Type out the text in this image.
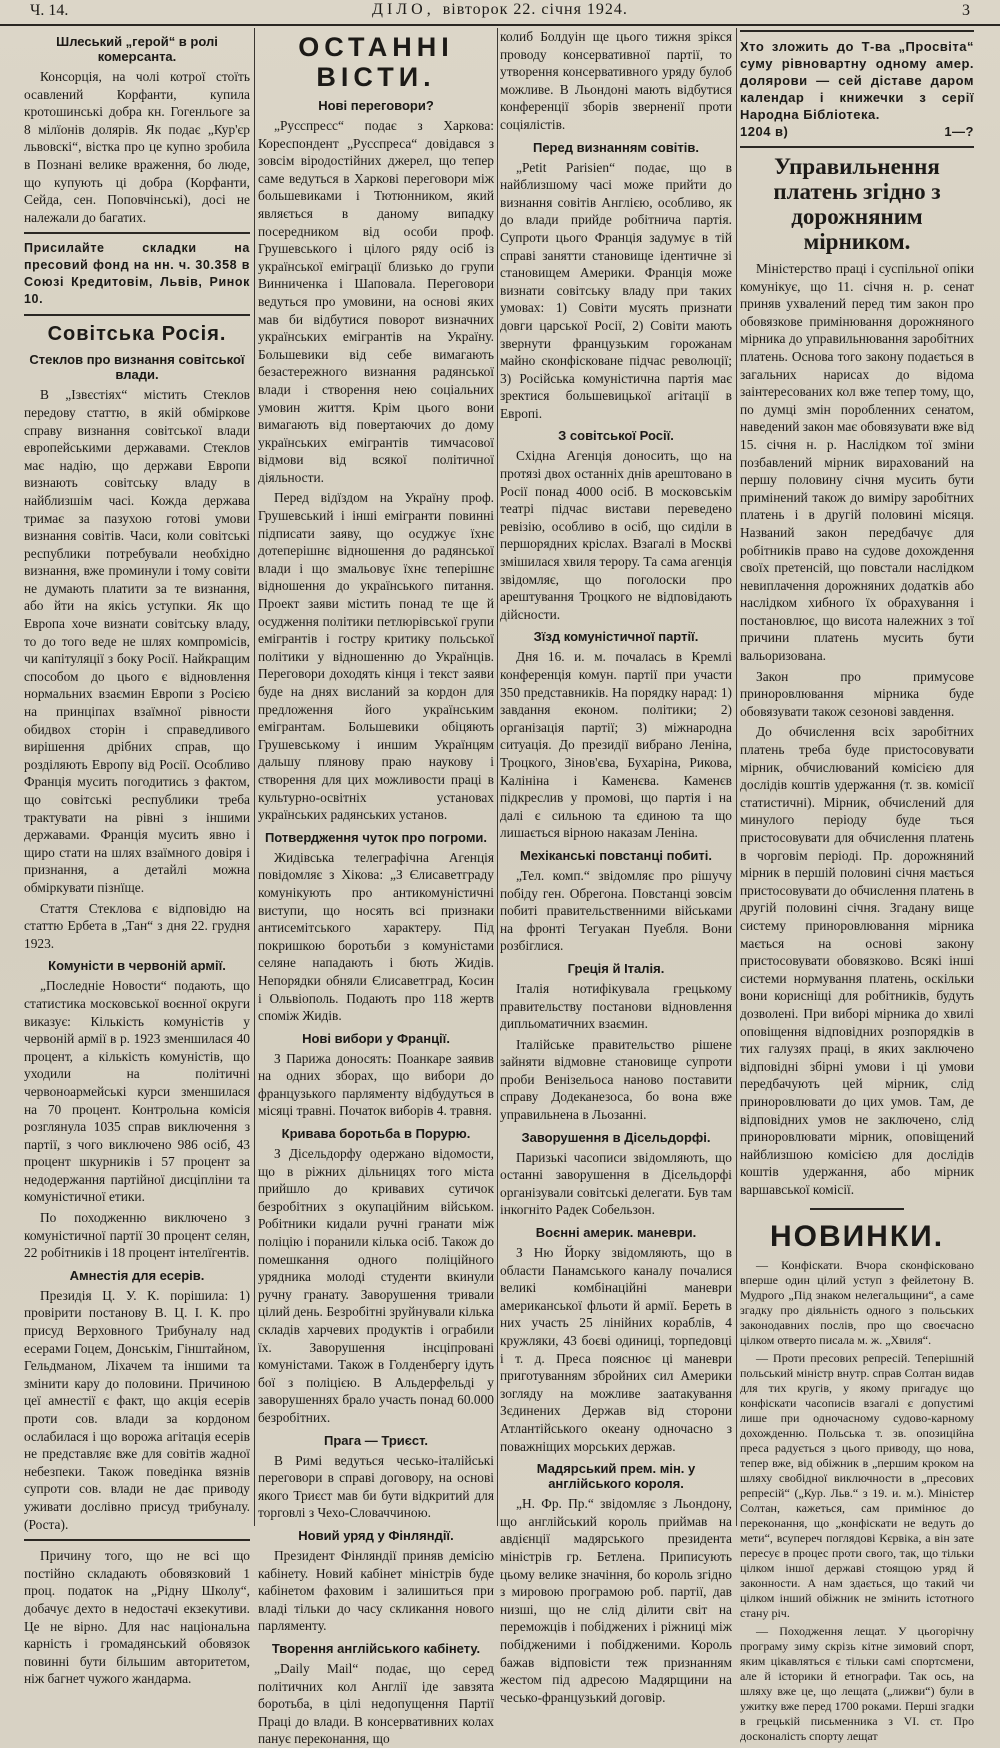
Ч. 14.	ДІЛО, вівторок 22. січня 1924.	3
Шлеський „герой“ в ролі комерсанта.

Консорція, на чолі котрої стоїть осавлений Корфанти, купила кротошинські добра кн. Гогенльоге за 8 мілїонів долярів. Як подає „Кур'єр львовскі“, вістка про це купно зробила в Познані велике враження, бо люде, що купують ці добра (Корфанти, Сейда, сен. Поповчінські), досі не належали до багатих.

Присилайте складки на пресовий фонд на нн. ч. 30.358 в Союзі Кредитовім, Львів, Ринок 10.
Совітська Росія.
Стеклов про визнання совітської влади.

В „Ізвєстіях“ містить Стеклов передову статтю, в якій обміркове справу визнання совітської влади европейськими державами. Стеклов має надію, що держави Европи визнають совітську владу в найблизшім часі. Кожда держава тримає за пазухою готові умови визнання совітів. Часи, коли совітські республики потребували необхідно визнання, вже проминули і тому совіти не думають платити за те визнання, або йти на якісь уступки. Як що Европа хоче визнати совітську владу, то до того веде не шлях компромісів, чи капітуляції з боку Росії. Найкращим способом до цього є відновлення нормальних взаємин Европи з Росією на принціпах взаїмної рівности обидвох сторін і справедливого вирішення дрібних справ, що розділяють Европу від Росії. Особливо Франція мусить погодитись з фактом, що совітські республики треба трактувати на рівні з іншими державами. Франція мусить явно і щиро стати на шлях взаїмного довіря і признання, а детайлі можна обміркувати пізнїще.

Стаття Стеклова є відповідю на статтю Ербета в „Тан“ з дня 22. грудня 1923.

Комуністи в червоній армії.

„Последніе Новости“ подають, що статистика московської воєнної округи виказує: Кількість комуністів у червоній армії в р. 1923 зменшилася 40 процент, а кількість комуністів, що уходили на політичні червоноармейські курси зменшилася на 70 процент. Контрольна комісія розглянула 1035 справ виключення з партії, з чого виключено 986 осіб, 43 процент шкурників і 57 процент за недодержання партійної дисціпліни та комуністичної етики.

По походженню виключено з комуністичної партії 30 процент селян, 22 робітників і 18 процент інтелїгентів.

Амнестія для есерів.

Президія Ц. У. К. порішила: 1) провірити постанову В. Ц. І. К. про присуд Верховного Трибуналу над есерами Гоцем, Донськім, Гінштайном, Гельдманом, Ліхачем та іншими та змінити кару до половини. Причиною цеї амнестії є факт, що акція есерів проти сов. влади за кордоном ослабилася і що ворожа агітація есерів не представляє вже для совітів жадної небезпеки. Також поведінка вязнів супроти сов. влади не дає приводу уживати дослівно присуд трибуналу. (Роста).

Причину того, що не всі що постійно складають обовязковий 1 проц. податок на „Рідну Школу“, добачує дехто в недостачі екзекутиви. Це не вірно. Для нас національна карність і громадянський обовязок повинні бути більшим авторитетом, ніж багнет чужого жандарма.

ОСТАННІ ВІСТИ.
Нові переговори?

„Русспресс“ подає з Харкова: Кореспондент „Русспреса“ довідався з зовсім віродостійних джерел, що тепер саме ведуться в Харкові переговори між большевиками і Тютюнником, який являється в даному випадку посередником від особи проф. Грушевського і цілого ряду осіб із української еміграції близько до групи Винниченка і Шаповала. Переговори ведуться про умовини, на основі яких мав би відбутися поворот визначних українських емігрантів на Україну. Большевики від себе вимагають безастережного визнання радянської влади і створення нею соціальних умовин життя. Крім цього вони вимагають від повертаючих до дому українських емігрантів тимчасової відмови від всякої політичної діяльности.

Перед відїздом на Україну проф. Грушевський і інші емігранти повинні підписати заяву, що осуджує їхнє дотеперішнє відношення до радянської влади і що змальовує їхнє теперішнє відношення до українського питання. Проект заяви містить понад те ще й осудження політики петлюрівської групи емігрантів і гостру критику польської політики у відношенню до Українців. Переговори доходять кінця і текст заяви буде на днях висланий за кордон для предложення його українським емігрантам. Большевики обіцяють Грушевському і иншим Українцям дальшу плянову праю наукову і створення для цих можливости праці в культурно-освітніх установах українських радянських установ.

Потвердження чуток про погроми.

Жидівська телеграфічна Агенція повідомляє з Хікова: „З Єлисаветграду комунікують про антикомуністичні виступи, що носять всі признаки антисемітського характеру. Під покришкою боротьби з комуністами селяне нападають і бють Жидів. Непорядки обняли Єлисаветград, Косин і Ольвіополь. Подають про 118 жертв споміж Жидів.

Нові вибори у Франції.

З Парижа доносять: Поанкаре заявив на одних зборах, що вибори до французького парляменту відбудуться в місяці травні. Початок виборів 4. травня.

Кривава боротьба в Порурю.

З Дісельдорфу одержано відомости, що в ріжних дільницях того міста прийшло до кривавих сутичок безробітних з окупаційним військом. Робітники кидали ручні гранати між поліцію і поранили кілька осіб. Також до помешкання одного поліційного урядника молоді студенти вкинули ручну гранату. Заворушення тривали цілий день. Безробітні зруйнували кілька складів харчевих продуктів і ограбили їх. Заворушення інсціпровані комуністами. Також в Голденбергу ідуть бої з поліцією. В Альдерфельді у заворушеннях брало участь понад 60.000 безробітних.

Прага — Триєст.

В Римі ведуться чесько-італійські переговори в справі договору, на основі якого Триєст мав би бути відкритий для торговлі з Чехо-Словаччиною.

Новий уряд у Фінляндії.

Президент Фінляндії приняв демісію кабінету. Новий кабінет міністрів буде кабінетом фаховим і залишиться при владі тільки до часу скликання нового парляменту.

Творення англійського кабінету.

„Daily Mail“ подає, що серед політичних кол Англії іде завзята боротьба, в цілі недопущення Партії Праці до влади. В консервативних колах панує переконання, що

колиб Болдуін ще цього тижня зрікся проводу консервативної партії, то утворення консервативного уряду булоб можливе. В Льондоні мають відбутися конференції зборів зверненії проти соціялістів.

Перед визнанням совітів.

„Petit Parisien“ подає, що в найблизшому часі може прийти до визнання совітів Англією, особливо, як до влади прийде робітнича партія. Супроти цього Франція задумує в тій справі занятти становище ідентичне зі становищем Америки. Франція може визнати совітську владу при таких умовах: 1) Совіти мусять признати довги царської Росії, 2) Совіти мають звернути французьким горожанам майно сконфісковане підчас революції; 3) Російська комуністична партія має зректися большевицької агітації в Европі.

З совітської Росії.

Східна Агенція доносить, що на протязі двох останніх днів арештовано в Росії понад 4000 осіб. В московськім театрі підчас вистави переведено ревізію, особливо в осіб, що сиділи в першорядних кріслах. Взагалі в Москві змішилася хвиля терору. Та сама агенція звідомляє, що поголоски про арештування Троцкого не відповідають дійсности.

Зїзд комуністичної партії.

Дня 16. и. м. почалась в Кремлі конференція комун. партії при участи 350 представників. На порядку нарад: 1) завдання економ. політики; 2) організація партії; 3) міжнародна ситуація. До президії вибрано Леніна, Троцкого, Зінов'єва, Бухаріна, Рикова, Калініна і Каменєва. Каменєв підкреслив у промові, що партія і на далі є сильною та єдиною та що лишається вірною наказам Леніна.

Мехіканські повстанці побиті.

„Тел. комп.“ звідомляє про рішучу побіду ген. Обрегона. Повстанці зовсім побиті правительственними військами на фронті Тегуакан Пуебля. Вони розбіглися.

Греція й Італія.

Італія нотифікувала грецькому правительству постанови відновлення дипльоматичних взаємин.

Італійське правительство рішене зайняти відмовне становище супроти проби Венізельоса наново поставити справу Додеканезоса, бо вона вже управильнена в Льозанні.

Заворушення в Дісельдорфі.

Паризькі часописи звідомляють, що останні заворушення в Дісельдорфі організували совітські делегати. Був там інкогніто Радек Собельзон.

Воєнні америк. маневри.

З Ню Йорку звідомляють, що в области Панамського каналу почалися великі комбінаційні маневри американської фльоти й армії. Береть в них участь 25 лінійних кораблів, 4 кружляки, 43 боєві одиниці, торпедовці і т. д. Преса пояснює ці маневри приготуванням збройних сил Америки зогляду на можливе заатакування Зєдинених Держав від сторони Атлантійського океану одночасно з поважніщих морських держав.

Мадярський прем. мін. у англійського короля.

„Н. Фр. Пр.“ звідомляє з Льондону, що англійський король приймав на авдієнції мадярського президента міністрів гр. Бетлена. Приписують цьому велике значіння, бо король згідно з мировою програмою роб. партії, дав низші, що не слід ділити світ на переможців і побіджених і ріжниці між побідженими і побідженими. Король бажав відповісти теж признанням жестом під адресою Мадярщини на чесько-французький договір.

Хто зложить до Т-ва „Просвіта“ суму рівновартну одному амер. долярови — сей діставе даром календар і книжечки з серії Народна Бібліотека.
1204 в)	1—?
Управильнення платень згідно з дорожняним мірником.

Міністерство праці і суспільної опіки комунікує, що 11. січня н. р. сенат приняв ухвалений перед тим закон про обовязкове примінювання дорожняного мірника до управильнювання заробітних платень. Основа того закону подається в загальних нарисах до відома заінтересованих кол вже тепер тому, що, по думці змін поробленних сенатом, наведений закон має обовязувати вже від 15. січня н. р. Наслідком тої зміни позбавлений мірник вирахований на першу половину січня мусить бути примінений також до виміру заробітних платень і в другій половині місяця. Названий закон передбачує для робітників право на судове дохождення своїх претенсій, що повстали наслідком невиплачення дорожняних додатків або наслідком хибного їх обрахування і постановлює, що висота належних з тої причини платень мусить бути вальоризована.

Закон про примусове приноровлювання мірника буде обовязувати також сезонові завдення.

До обчислення всіх заробітних платень треба буде пристосовувати мірник, обчислюваний комісією для дослідів коштів удержання (т. зв. комісії статистичні). Мірник, обчислений для минулого періоду буде ться пристосовувати для обчислення платень в чорговім періоді. Пр. дорожняний мірник в першій половині січня мається пристосовувати до обчислення платень в другій половині січня. Згадану вище систему приноровлювання мірника мається на основі закону пристосовувати обовязково. Всякі інші системи нормування платень, оскільки вони корисніщі для робітників, будуть дозволені. При виборі мірника до хвилі оповіщення відповідних розпорядків в тих галузях праці, в яких заключено відповідні збірні умови і ці умови передбачують цей мірник, слід приноровлювати до цих умов. Там, де відповідних умов не заключено, слід приноровлювати мірник, оповіщений найблизшою комісією для дослідів коштів удержання, або мірник варшавської комісії.

НОВИНКИ.

— Конфіскати. Вчора сконфісковано вперше один цілий уступ з фейлетону В. Мудрого „Під знаком нелегальщини“, а саме згадку про діяльність одного з польських законодавних послів, про що своєчасно цілком отверто писала м. ж. „Хвиля“.

— Проти пресових репресій. Теперішній польський міністр внутр. справ Солтан видав для тих кругів, у якому пригадує що конфіскати часописів взагалі є допустимі лише при одночасному судово-карному дохожденню. Польська т. зв. опозиційна преса радується з цього приводу, що нова, тепер вже, від обіжник в „першим кроком на шляху свобідної виключности в „пресових репресій“ („Кур. Льв.“ з 19. и. м.). Міністер Солтан, кажеться, сам примінює до переконання, що „конфіскати не ведуть до мети“, всупереч поглядові Кєрвіка, а він зате пересує в процес проти свого, так, що тільки цілком іншої державі стоящою уряд й законности. А нам здається, що такий чи цілком інший обіжник не змінить істотного стану річ.

— Походження лещат. У цьогорічну програму зиму скрізь кітне зимовий спорт, яким цікавляться є тільки самі спортсмени, але й історики й етнографи. Так ось, на шляху вже це, що лещата („лижви“) були в ужитку вже перед 1700 роками. Перші згадки в грецькій письменника з VI. ст. Про досконалість спорту лещат
